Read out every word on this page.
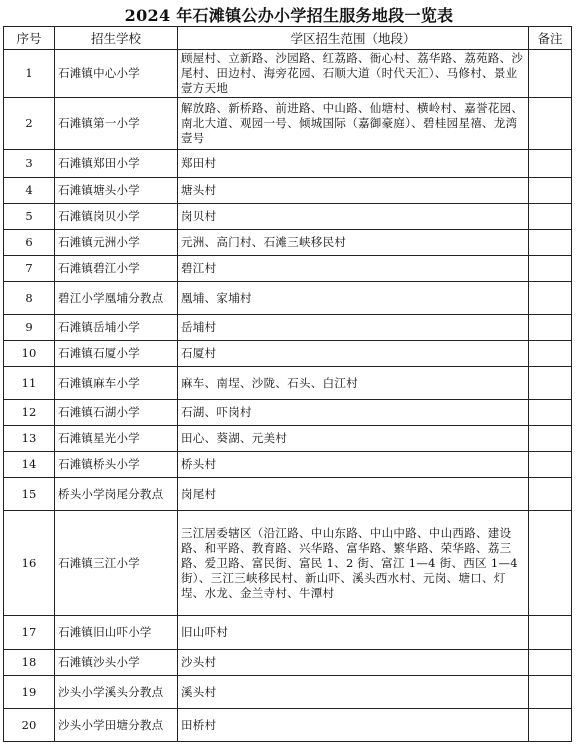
2024 年石滩镇公办小学招生服务地段一览表
序号	招生学校	学区招生范围（地段）	备注
1	石滩镇中心小学	顾屋村、立新路、沙园路、红荔路、衙心村、荔华路、荔苑路、沙尾村、田边村、海旁花园、石顺大道（时代天汇）、马修村、景业壹方天地	
2	石滩镇第一小学	解放路、新桥路、前进路、中山路、仙塘村、横岭村、嘉誉花园、南北大道、观园一号、倾城国际（嘉御豪庭）、碧桂园星禧、龙湾壹号	
3	石滩镇郑田小学	郑田村	
4	石滩镇塘头小学	塘头村	
5	石滩镇岗贝小学	岗贝村	
6	石滩镇元洲小学	元洲、高门村、石滩三峡移民村	
7	石滩镇碧江小学	碧江村	
8	碧江小学凰埔分教点	凰埔、家埔村	
9	石滩镇岳埔小学	岳埔村	
10	石滩镇石厦小学	石厦村	
11	石滩镇麻车小学	麻车、南埕、沙陇、石头、白江村	
12	石滩镇石湖小学	石湖、吓岗村	
13	石滩镇星光小学	田心、葵湖、元美村	
14	石滩镇桥头小学	桥头村	
15	桥头小学岗尾分教点	岗尾村	
16	石滩镇三江小学	三江居委辖区（沿江路、中山东路、中山中路、中山西路、建设路、和平路、教育路、兴华路、富华路、繁华路、荣华路、荔三路、爱卫路、富民街、富民 1、2 街、富江 1—4 街、西区 1—4 街）、三江三峡移民村、新山吓、溪头西水村、元岗、塘口、灯埕、水龙、金兰寺村、牛潭村	
17	石滩镇旧山吓小学	旧山吓村	
18	石滩镇沙头小学	沙头村	
19	沙头小学溪头分教点	溪头村	
20	沙头小学田塘分教点	田桥村	
